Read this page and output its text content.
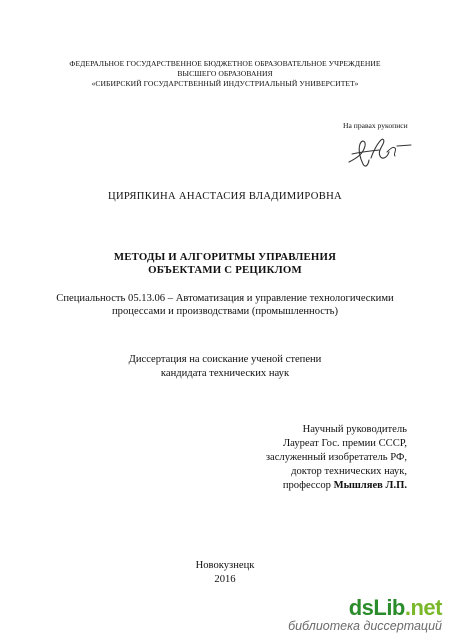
ФЕДЕРАЛЬНОЕ ГОСУДАРСТВЕННОЕ БЮДЖЕТНОЕ ОБРАЗОВАТЕЛЬНОЕ УЧРЕЖДЕНИЕ

ВЫСШЕГО ОБРАЗОВАНИЯ

«СИБИРСКИЙ ГОСУДАРСТВЕННЫЙ ИНДУСТРИАЛЬНЫЙ УНИВЕРСИТЕТ»

На правах рукописи

ЦИРЯПКИНА АНАСТАСИЯ ВЛАДИМИРОВНА

МЕТОДЫ И АЛГОРИТМЫ УПРАВЛЕНИЯ

ОБЪЕКТАМИ С РЕЦИКЛОМ

Специальность 05.13.06 – Автоматизация и управление технологическими

процессами и производствами (промышленность)

Диссертация на соискание ученой степени

кандидата технических наук

Научный руководитель
Лауреат Гос. премии СССР,
заслуженный изобретатель РФ,
доктор технических наук,
профессор Мышляев Л.П.

Новокузнецк

2016

dsLib.net
библиотека диссертаций
